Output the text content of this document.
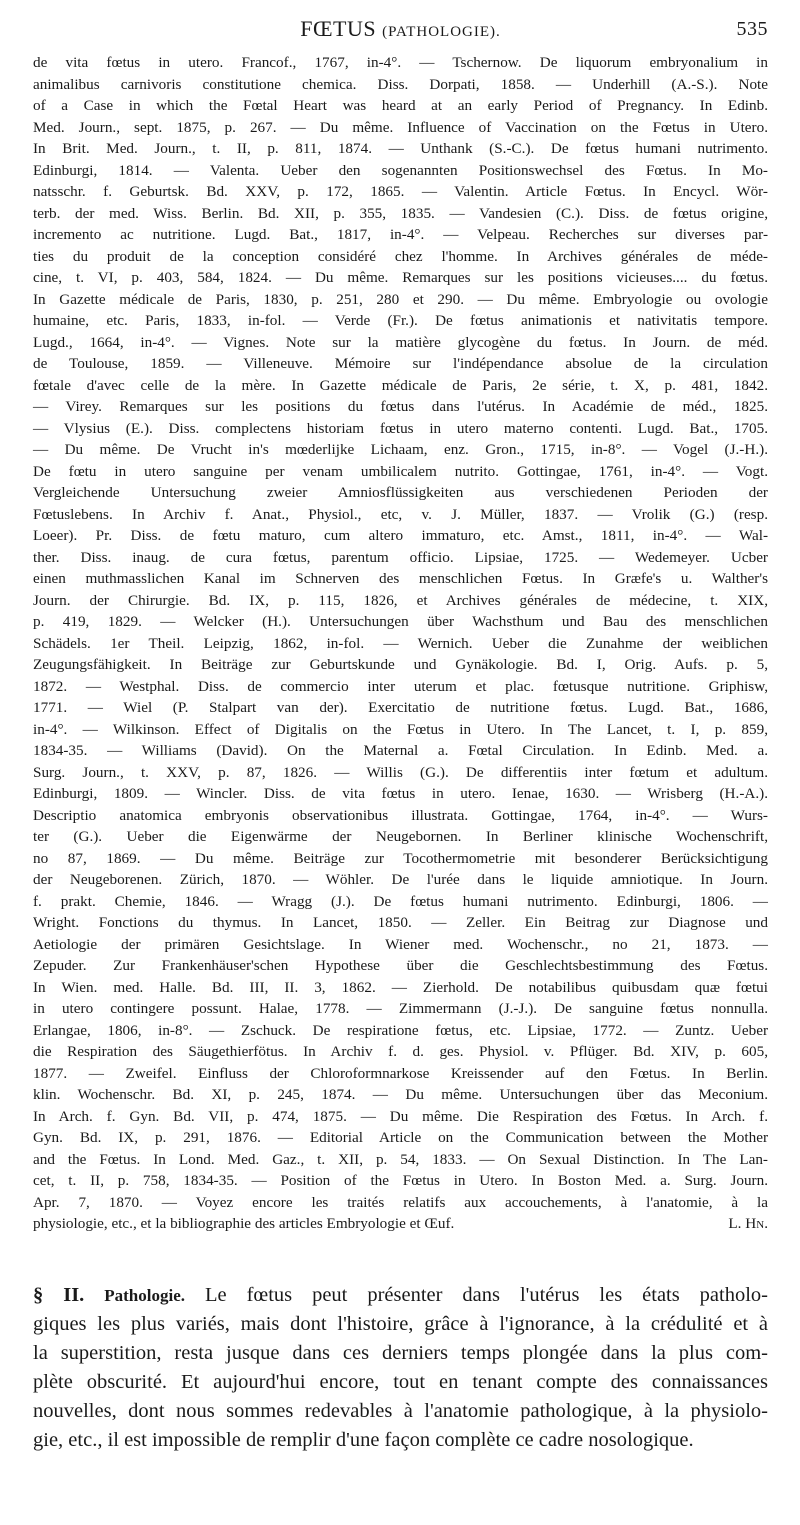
FŒTUS (PATHOLOGIE).	535
de vita fœtus in utero. Francof., 1767, in-4°. — Tschernow. De liquorum embryonalium in
animalibus carnivoris constitutione chemica. Diss. Dorpati, 1858. — Underhill (A.-S.). Note
of a Case in which the Fœtal Heart was heard at an early Period of Pregnancy. In Edinb.
Med. Journ., sept. 1875, p. 267. — Du même. Influence of Vaccination on the Fœtus in Utero.
In Brit. Med. Journ., t. II, p. 811, 1874. — Unthank (S.-C.). De fœtus humani nutrimento.
Edinburgi, 1814. — Valenta. Ueber den sogenannten Positionswechsel des Fœtus. In Mo-
natsschr. f. Geburtsk. Bd. XXV, p. 172, 1865. — Valentin. Article Fœtus. In Encycl. Wör-
terb. der med. Wiss. Berlin. Bd. XII, p. 355, 1835. — Vandesien (C.). Diss. de fœtus origine,
incremento ac nutritione. Lugd. Bat., 1817, in-4°. — Velpeau. Recherches sur diverses par-
ties du produit de la conception considéré chez l'homme. In Archives générales de méde-
cine, t. VI, p. 403, 584, 1824. — Du même. Remarques sur les positions vicieuses.... du fœtus.
In Gazette médicale de Paris, 1830, p. 251, 280 et 290. — Du même. Embryologie ou ovologie
humaine, etc. Paris, 1833, in-fol. — Verde (Fr.). De fœtus animationis et nativitatis tempore.
Lugd., 1664, in-4°. — Vignes. Note sur la matière glycogène du fœtus. In Journ. de méd.
de Toulouse, 1859. — Villeneuve. Mémoire sur l'indépendance absolue de la circulation
fœtale d'avec celle de la mère. In Gazette médicale de Paris, 2e série, t. X, p. 481, 1842.
— Virey. Remarques sur les positions du fœtus dans l'utérus. In Académie de méd., 1825.
— Vlysius (E.). Diss. complectens historiam fœtus in utero materno contenti. Lugd. Bat., 1705.
— Du même. De Vrucht in's mœderlijke Lichaam, enz. Gron., 1715, in-8°. — Vogel (J.-H.).
De fœtu in utero sanguine per venam umbilicalem nutrito. Gottingae, 1761, in-4°. — Vogt.
Vergleichende Untersuchung zweier Amniosflüssigkeiten aus verschiedenen Perioden der
Fœtuslebens. In Archiv f. Anat., Physiol., etc, v. J. Müller, 1837. — Vrolik (G.) (resp.
Loeer). Pr. Diss. de fœtu maturo, cum altero immaturo, etc. Amst., 1811, in-4°. — Wal-
ther. Diss. inaug. de cura fœtus, parentum officio. Lipsiae, 1725. — Wedemeyer. Ucber
einen muthmasslichen Kanal im Schnerven des menschlichen Fœtus. In Græfe's u. Walther's
Journ. der Chirurgie. Bd. IX, p. 115, 1826, et Archives générales de médecine, t. XIX,
p. 419, 1829. — Welcker (H.). Untersuchungen über Wachsthum und Bau des menschlichen
Schädels. 1er Theil. Leipzig, 1862, in-fol. — Wernich. Ueber die Zunahme der weiblichen
Zeugungsfähigkeit. In Beiträge zur Geburtskunde und Gynäkologie. Bd. I, Orig. Aufs. p. 5,
1872. — Westphal. Diss. de commercio inter uterum et plac. fœtusque nutritione. Griphisw,
1771. — Wiel (P. Stalpart van der). Exercitatio de nutritione fœtus. Lugd. Bat., 1686,
in-4°. — Wilkinson. Effect of Digitalis on the Fœtus in Utero. In The Lancet, t. I, p. 859,
1834-35. — Williams (David). On the Maternal a. Fœtal Circulation. In Edinb. Med. a.
Surg. Journ., t. XXV, p. 87, 1826. — Willis (G.). De differentiis inter fœtum et adultum.
Edinburgi, 1809. — Wincler. Diss. de vita fœtus in utero. Ienae, 1630. — Wrisberg (H.-A.).
Descriptio anatomica embryonis observationibus illustrata. Gottingae, 1764, in-4°. — Wurs-
ter (G.). Ueber die Eigenwärme der Neugebornen. In Berliner klinische Wochenschrift,
no 87, 1869. — Du même. Beiträge zur Tocothermometrie mit besonderer Berücksichtigung
der Neugeborenen. Zürich, 1870. — Wöhler. De l'urée dans le liquide amniotique. In Journ.
f. prakt. Chemie, 1846. — Wragg (J.). De fœtus humani nutrimento. Edinburgi, 1806. —
Wright. Fonctions du thymus. In Lancet, 1850. — Zeller. Ein Beitrag zur Diagnose und
Aetiologie der primären Gesichtslage. In Wiener med. Wochenschr., no 21, 1873. —
Zepuder. Zur Frankenhäuser'schen Hypothese über die Geschlechtsbestimmung des Fœtus.
In Wien. med. Halle. Bd. III, II. 3, 1862. — Zierhold. De notabilibus quibusdam quæ fœtui
in utero contingere possunt. Halae, 1778. — Zimmermann (J.-J.). De sanguine fœtus nonnulla.
Erlangae, 1806, in-8°. — Zschuck. De respiratione fœtus, etc. Lipsiae, 1772. — Zuntz. Ueber
die Respiration des Säugethierfötus. In Archiv f. d. ges. Physiol. v. Pflüger. Bd. XIV, p. 605,
1877. — Zweifel. Einfluss der Chloroformnarkose Kreissender auf den Fœtus. In Berlin.
klin. Wochenschr. Bd. XI, p. 245, 1874. — Du même. Untersuchungen über das Meconium.
In Arch. f. Gyn. Bd. VII, p. 474, 1875. — Du même. Die Respiration des Fœtus. In Arch. f.
Gyn. Bd. IX, p. 291, 1876. — Editorial Article on the Communication between the Mother
and the Fœtus. In Lond. Med. Gaz., t. XII, p. 54, 1833. — On Sexual Distinction. In The Lan-
cet, t. II, p. 758, 1834-35. — Position of the Fœtus in Utero. In Boston Med. a. Surg. Journ.
Apr. 7, 1870. — Voyez encore les traités relatifs aux accouchements, à l'anatomie, à la
physiologie, etc., et la bibliographie des articles Embryologie et Œuf.	L. Hn.
§ II. Pathologie. Le fœtus peut présenter dans l'utérus les états patholo-
giques les plus variés, mais dont l'histoire, grâce à l'ignorance, à la crédulité et à
la superstition, resta jusque dans ces derniers temps plongée dans la plus com-
plète obscurité. Et aujourd'hui encore, tout en tenant compte des connaissances
nouvelles, dont nous sommes redevables à l'anatomie pathologique, à la physiolo-
gie, etc., il est impossible de remplir d'une façon complète ce cadre nosologique.
